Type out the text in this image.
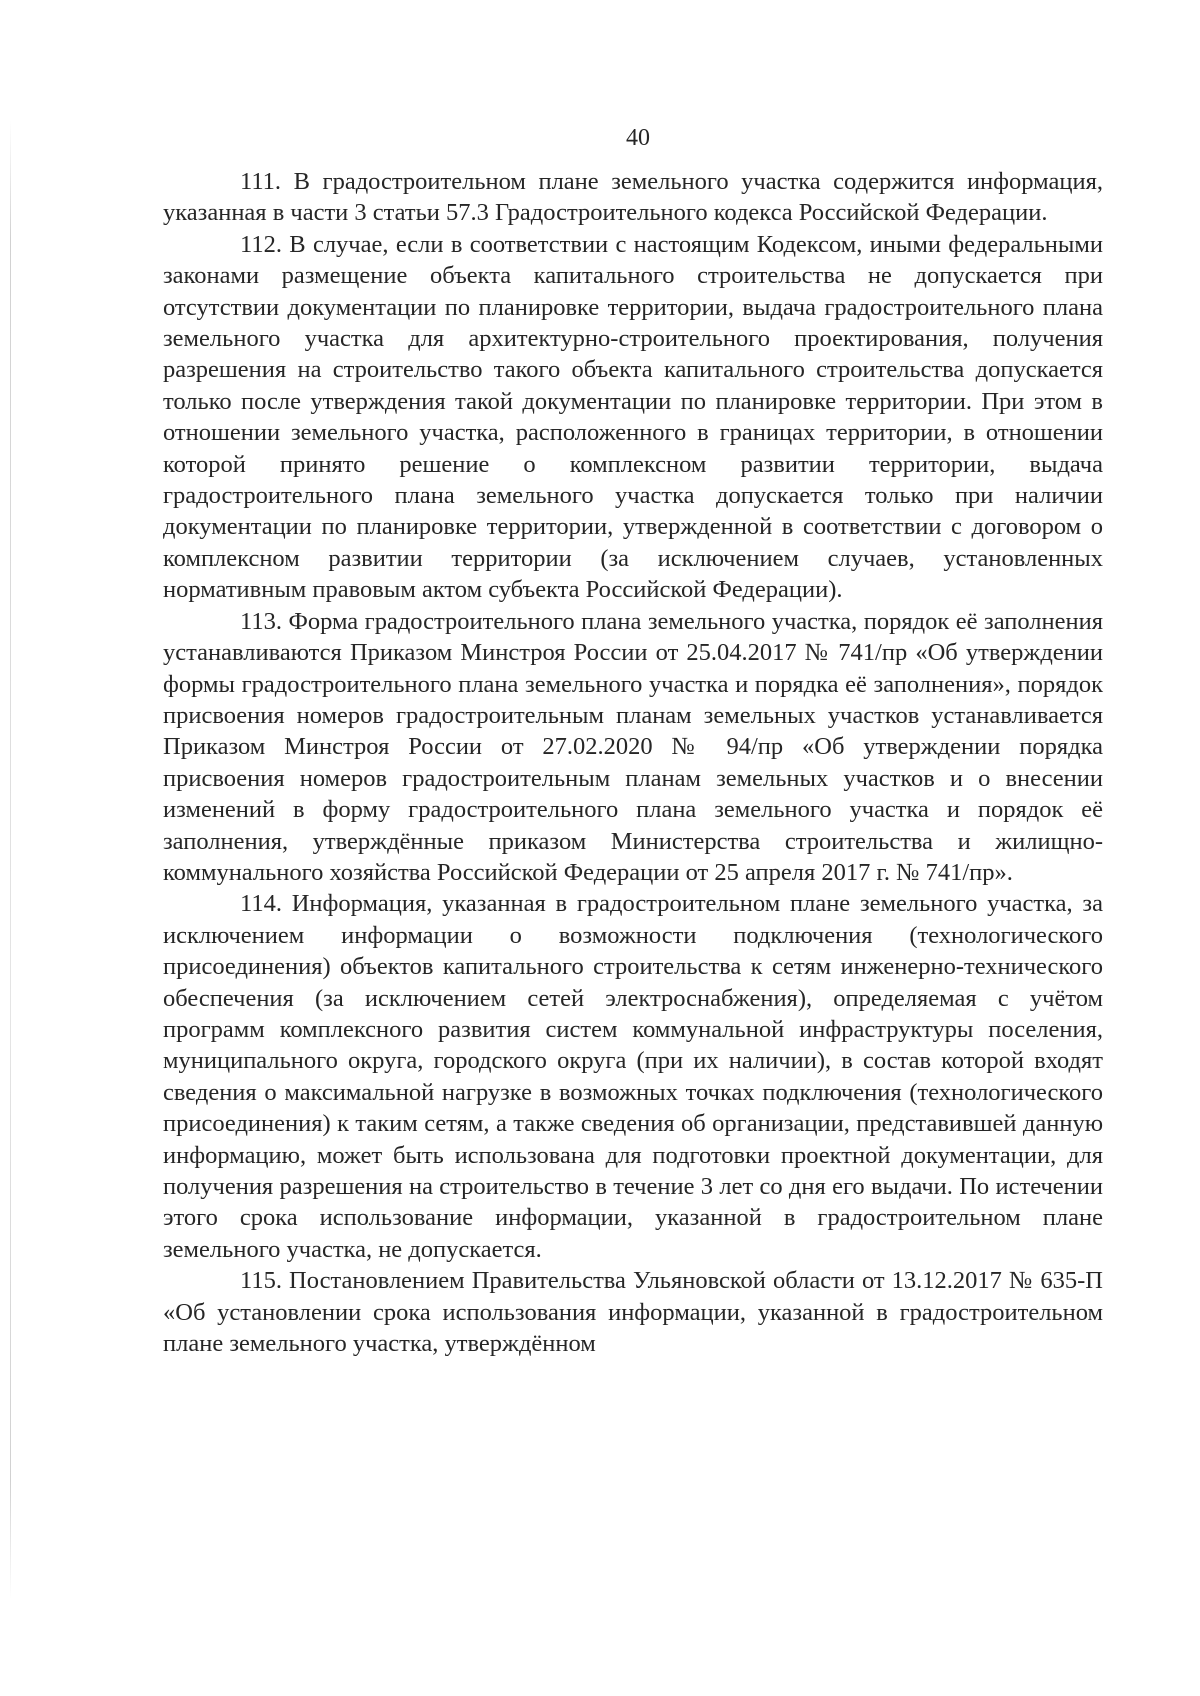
40

111. В градостроительном плане земельного участка содержится информация, указанная в части 3 статьи 57.3 Градостроительного кодекса Российской Федерации.

112. В случае, если в соответствии с настоящим Кодексом, иными федеральными законами размещение объекта капитального строительства не допускается при отсутствии документации по планировке территории, выдача градостроительного плана земельного участка для архитектурно-строительного проектирования, получения разрешения на строительство такого объекта капитального строительства допускается только после утверждения такой документации по планировке территории. При этом в отношении земельного участка, расположенного в границах территории, в отношении которой принято решение о комплексном развитии территории, выдача градостроительного плана земельного участка допускается только при наличии документации по планировке территории, утвержденной в соответствии с договором о комплексном развитии территории (за исключением случаев, установленных нормативным правовым актом субъекта Российской Федерации).

113. Форма градостроительного плана земельного участка, порядок её заполнения устанавливаются Приказом Минстроя России от 25.04.2017 № 741/пр «Об утверждении формы градостроительного плана земельного участка и порядка её заполнения», порядок присвоения номеров градостроительным планам земельных участков устанавливается Приказом Минстроя России от 27.02.2020 № 94/пр «Об утверждении порядка присвоения номеров градостроительным планам земельных участков и о внесении изменений в форму градостроительного плана земельного участка и порядок её заполнения, утверждённые приказом Министерства строительства и жилищно-коммунального хозяйства Российской Федерации от 25 апреля 2017 г. № 741/пр».

114. Информация, указанная в градостроительном плане земельного участка, за исключением информации о возможности подключения (технологического присоединения) объектов капитального строительства к сетям инженерно-технического обеспечения (за исключением сетей электроснабжения), определяемая с учётом программ комплексного развития систем коммунальной инфраструктуры поселения, муниципального округа, городского округа (при их наличии), в состав которой входят сведения о максимальной нагрузке в возможных точках подключения (технологического присоединения) к таким сетям, а также сведения об организации, представившей данную информацию, может быть использована для подготовки проектной документации, для получения разрешения на строительство в течение 3 лет со дня его выдачи. По истечении этого срока использование информации, указанной в градостроительном плане земельного участка, не допускается.

115. Постановлением Правительства Ульяновской области от 13.12.2017 № 635-П «Об установлении срока использования информации, указанной в градостроительном плане земельного участка, утверждённом
